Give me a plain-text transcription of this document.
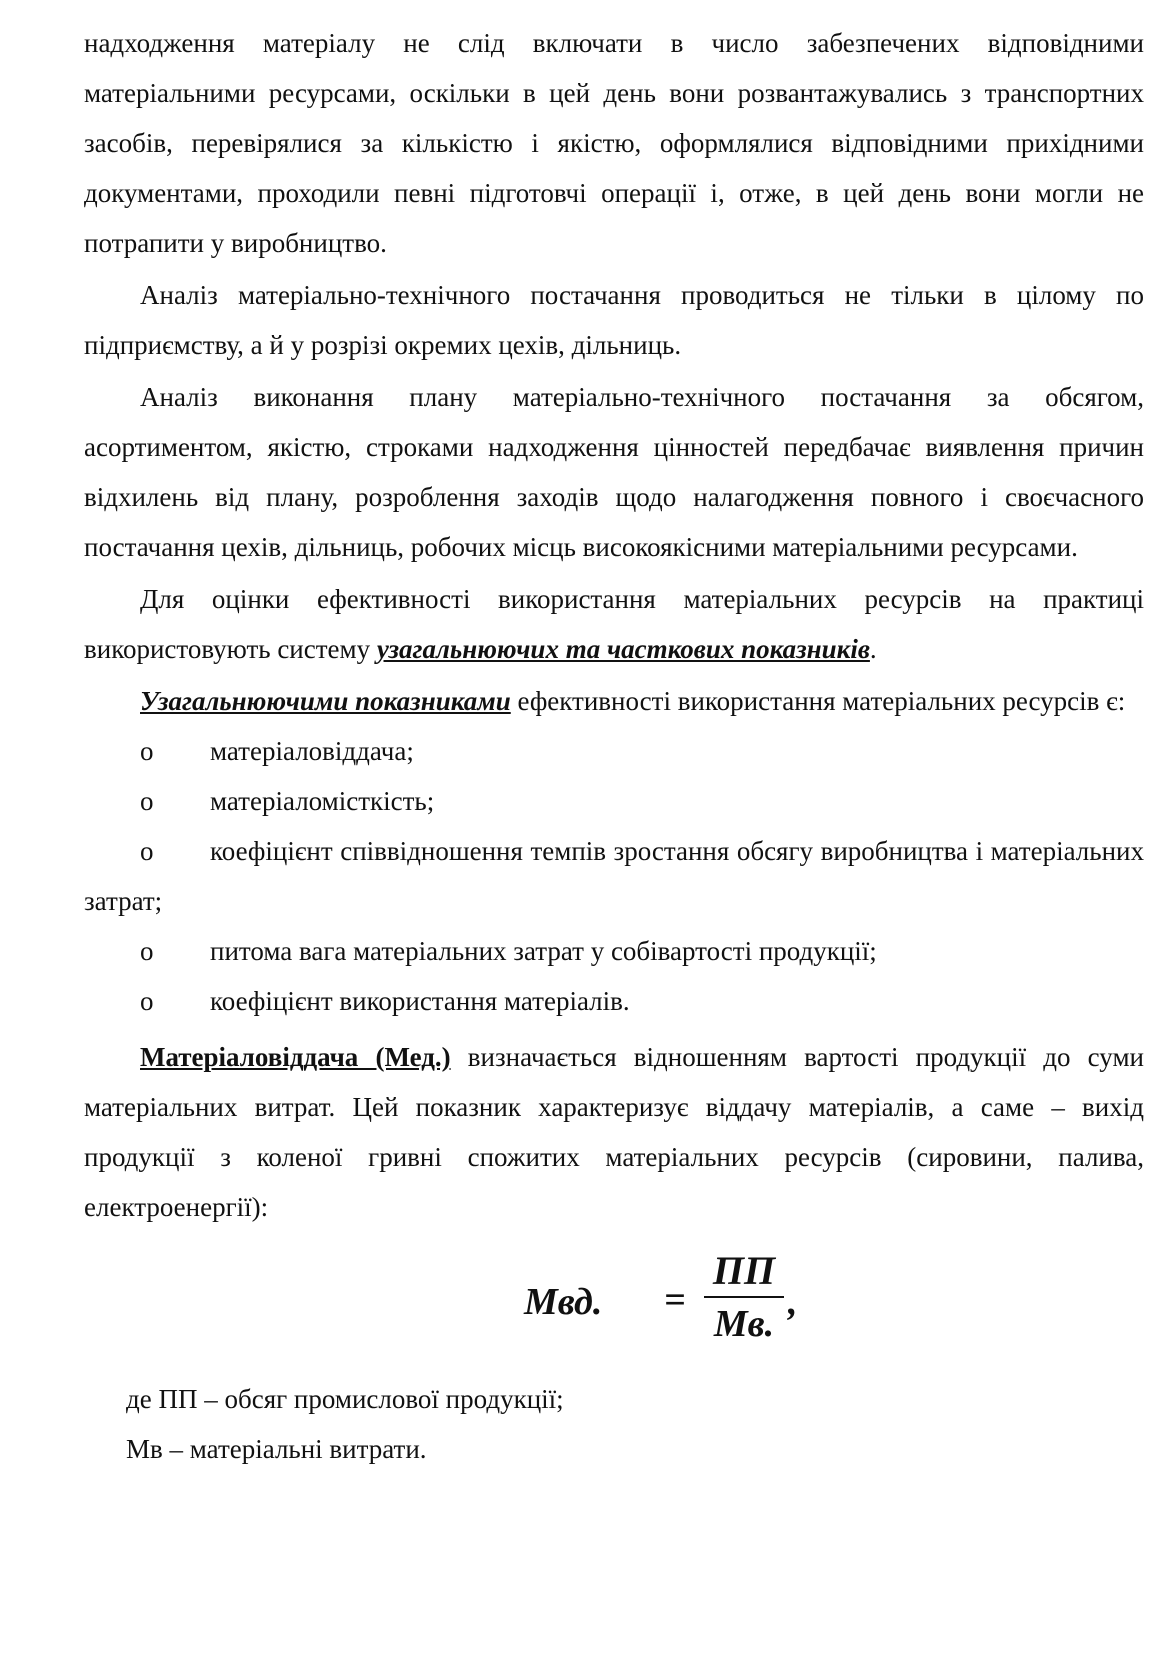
надходження матеріалу не слід включати в число забезпечених відповідними матеріальними ресурсами, оскільки в цей день вони розвантажувались з транспортних засобів, перевірялися за кількістю і якістю, оформлялися відповідними прихідними документами, проходили певні підготовчі операції і, отже, в цей день вони могли не потрапити у виробництво.

Аналіз матеріально-технічного постачання проводиться не тільки в цілому по підприємству, а й у розрізі окремих цехів, дільниць.

Аналіз виконання плану матеріально-технічного постачання за обсягом, асортиментом, якістю, строками надходження цінностей передбачає виявлення причин відхилень від плану, розроблення заходів щодо налагодження повного і своєчасного постачання цехів, дільниць, робочих місць високоякісними матеріальними ресурсами.

Для оцінки ефективності використання матеріальних ресурсів на практиці використовують систему узагальнюючих та часткових показників.

Узагальнюючими показниками ефективності використання матеріальних ресурсів є:

о матеріаловіддача;
о матеріаломісткість;
о коефіцієнт співвідношення темпів зростання обсягу виробництва і матеріальних затрат;
о питома вага матеріальних затрат у собівартості продукції;
о коефіцієнт використання матеріалів.

Матеріаловіддача (Мед.) визначається відношенням вартості продукції до суми матеріальних витрат. Цей показник характеризує віддачу матеріалів, а саме – вихід продукції з коленої гривні спожитих матеріальних ресурсів (сировини, палива, електроенергії):

Мвд. =
ПП
Мв.
,

де ПП – обсяг промислової продукції;

Мв – матеріальні витрати.
